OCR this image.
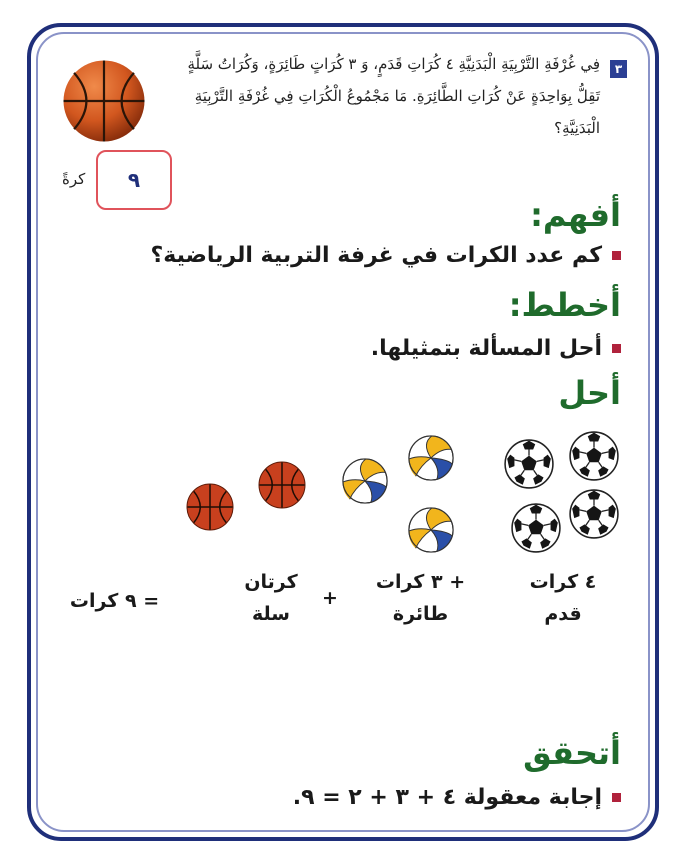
٣
فِي غُرْفَةِ التَّرْبِيَةِ الْبَدَنِيَّةِ ٤ كُرَاتِ قَدَمٍ، وَ ٣ كُرَاتٍ طَائِرَةٍ، وَكُرَاتُ سَلَّةٍ تَقِلُّ بِوَاحِدَةٍ عَنْ كُرَاتِ الطَّائِرَةِ. مَا مَجْمُوعُ الْكُرَاتِ فِي غُرْفَةِ التَّرْبِيَةِ الْبَدَنِيَّةِ؟
٩
كرةً
أفهم:
كم عدد الكرات في غرفة التربية الرياضية؟
أخطط:
أحل المسألة بتمثيلها.
أحل
٤ كرات قدم
+ ٣ كرات طائرة
+
كرتان سلة
= ٩ كرات
أتحقق
إجابة معقولة ٤ + ٣ + ٢ = ٩.
